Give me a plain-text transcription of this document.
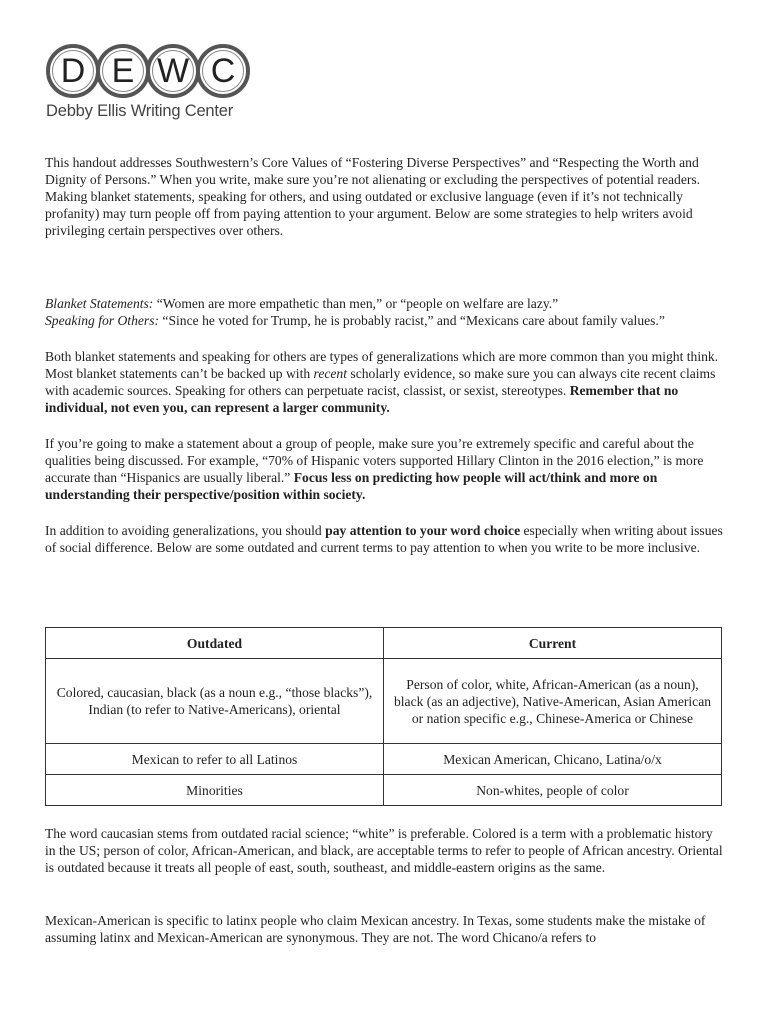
D E W C
Debby Ellis Writing Center
This handout addresses Southwestern’s Core Values of “Fostering Diverse Perspectives” and “Respecting the Worth and Dignity of Persons.” When you write, make sure you’re not alienating or excluding the perspectives of potential readers. Making blanket statements, speaking for others, and using outdated or exclusive language (even if it’s not technically profanity) may turn people off from paying attention to your argument. Below are some strategies to help writers avoid privileging certain perspectives over others.
Blanket Statements: “Women are more empathetic than men,” or “people on welfare are lazy.”
Speaking for Others: “Since he voted for Trump, he is probably racist,” and “Mexicans care about family values.”
Both blanket statements and speaking for others are types of generalizations which are more common than you might think. Most blanket statements can’t be backed up with recent scholarly evidence, so make sure you can always cite recent claims with academic sources. Speaking for others can perpetuate racist, classist, or sexist, stereotypes. Remember that no individual, not even you, can represent a larger community.
If you’re going to make a statement about a group of people, make sure you’re extremely specific and careful about the qualities being discussed. For example, “70% of Hispanic voters supported Hillary Clinton in the 2016 election,” is more accurate than “Hispanics are usually liberal.” Focus less on predicting how people will act/think and more on understanding their perspective/position within society.
In addition to avoiding generalizations, you should pay attention to your word choice especially when writing about issues of social difference. Below are some outdated and current terms to pay attention to when you write to be more inclusive.
Outdated	Current
Colored, caucasian, black (as a noun e.g., “those blacks”), Indian (to refer to Native-Americans), oriental	Person of color, white, African-American (as a noun), black (as an adjective), Native-American, Asian American or nation specific e.g., Chinese-America or Chinese
Mexican to refer to all Latinos	Mexican American, Chicano, Latina/o/x
Minorities	Non-whites, people of color
The word caucasian stems from outdated racial science; “white” is preferable. Colored is a term with a problematic history in the US; person of color, African-American, and black, are acceptable terms to refer to people of African ancestry. Oriental is outdated because it treats all people of east, south, southeast, and middle-eastern origins as the same.
Mexican-American is specific to latinx people who claim Mexican ancestry. In Texas, some students make the mistake of assuming latinx and Mexican-American are synonymous. They are not. The word Chicano/a refers to
